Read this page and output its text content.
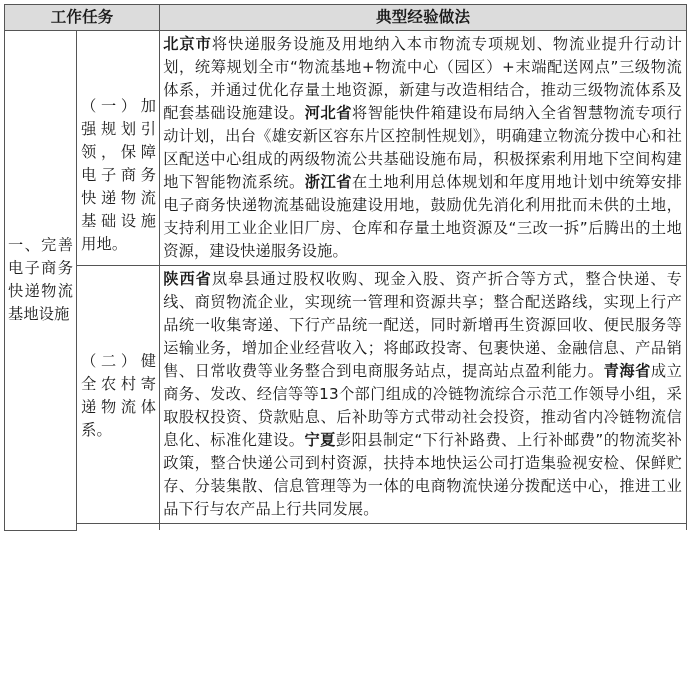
工作任务		典型经验做法
一、完善电子商务快递物流基地设施	（一）加强规划引领，保障电子商务快递物流基础设施用地。	北京市将快递服务设施及用地纳入本市物流专项规划、物流业提升行动计划，统筹规划全市“物流基地+物流中心（园区）+末端配送网点”三级物流体系，并通过优化存量土地资源，新建与改造相结合，推动三级物流体系及配套基础设施建设。河北省将智能快件箱建设布局纳入全省智慧物流专项行动计划，出台《雄安新区容东片区控制性规划》，明确建立物流分拨中心和社区配送中心组成的两级物流公共基础设施布局，积极探索利用地下空间构建地下智能物流系统。浙江省在土地利用总体规划和年度用地计划中统筹安排电子商务快递物流基础设施建设用地，鼓励优先消化利用批而未供的土地，支持利用工业企业旧厂房、仓库和存量土地资源及“三改一拆”后腾出的土地资源，建设快递服务设施。
	（二）健全农村寄递物流体系。	陕西省岚皋县通过股权收购、现金入股、资产折合等方式，整合快递、专线、商贸物流企业，实现统一管理和资源共享；整合配送路线，实现上行产品统一收集寄递、下行产品统一配送，同时新增再生资源回收、便民服务等运输业务，增加企业经营收入；将邮政投寄、包裹快递、金融信息、产品销售、日常收费等业务整合到电商服务站点，提高站点盈利能力。青海省成立商务、发改、经信等等13个部门组成的冷链物流综合示范工作领导小组，采取股权投资、贷款贴息、后补助等方式带动社会投资，推动省内冷链物流信息化、标准化建设。宁夏彭阳县制定“下行补路费、上行补邮费”的物流奖补政策，整合快递公司到村资源，扶持本地快运公司打造集验视安检、保鲜贮存、分装集散、信息管理等为一体的电商物流快递分拨配送中心，推进工业品下行与农产品上行共同发展。
